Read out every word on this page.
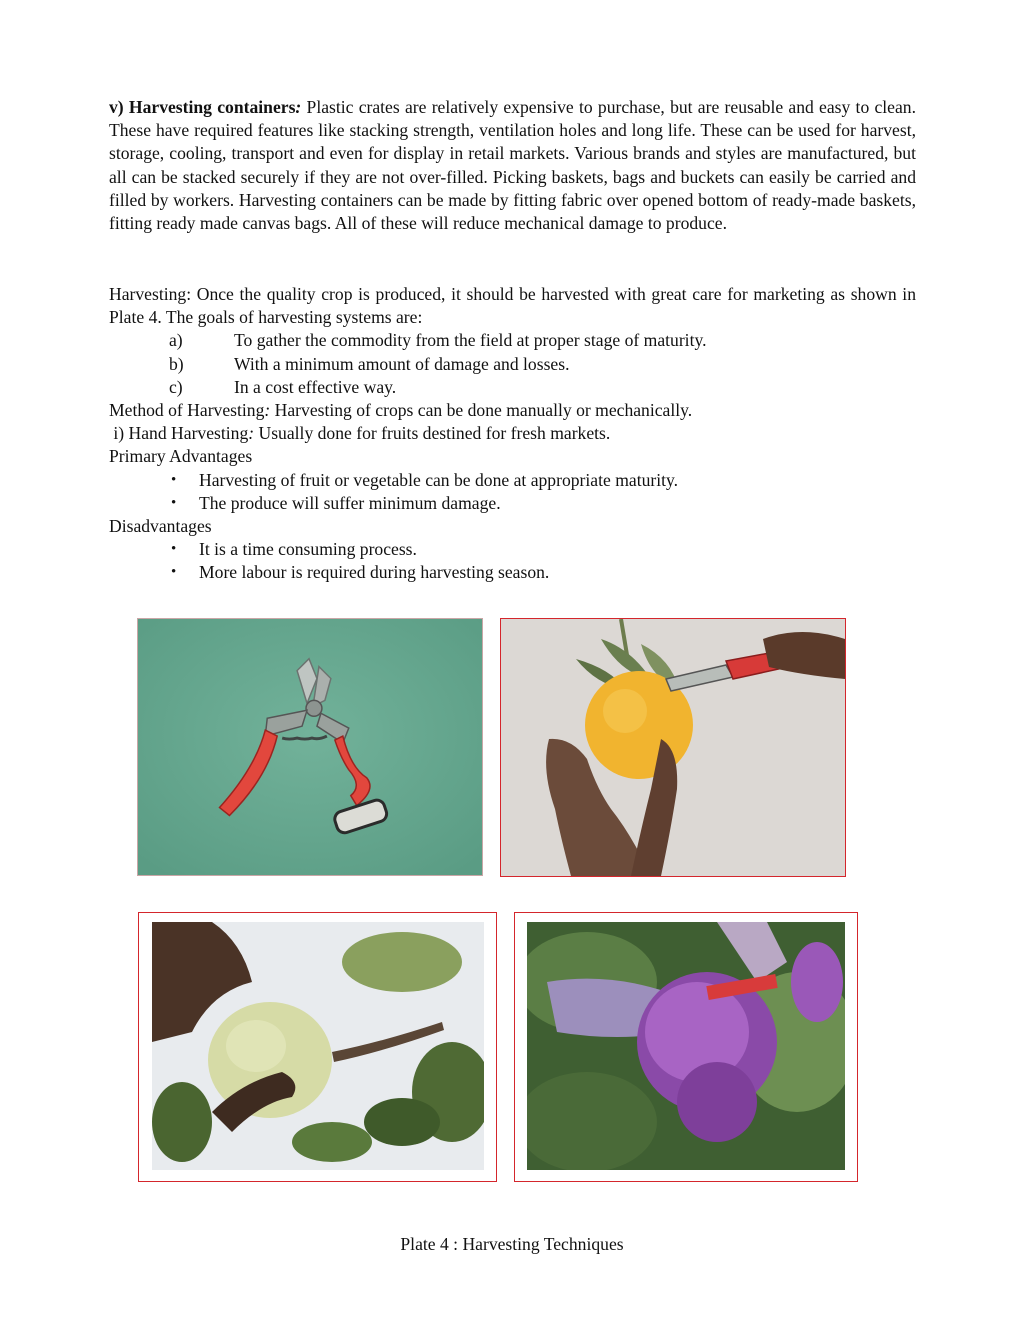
v) Harvesting containers: Plastic crates are relatively expensive to purchase, but are reusable and easy to clean. These have required features like stacking strength, ventilation holes and long life. These can be used for harvest, storage, cooling, transport and even for display in retail markets. Various brands and styles are manufactured, but all can be stacked securely if they are not over-filled. Picking baskets, bags and buckets can easily be carried and filled by workers. Harvesting containers can be made by fitting fabric over opened bottom of ready-made baskets, fitting ready made canvas bags. All of these will reduce mechanical damage to produce.
Harvesting: Once the quality crop is produced, it should be harvested with great care for marketing as shown in Plate 4. The goals of harvesting systems are:
a)	To gather the commodity from the field at proper stage of maturity.
b)	With a minimum amount of damage and losses.
c)	In a cost effective way.
Method of Harvesting: Harvesting of crops can be done manually or mechanically.
i) Hand Harvesting: Usually done for fruits destined for fresh markets.
Primary Advantages
• Harvesting of fruit or vegetable can be done at appropriate maturity.
• The produce will suffer minimum damage.
Disadvantages
• It is a time consuming process.
• More labour is required during harvesting season.
Plate 4 : Harvesting Techniques
